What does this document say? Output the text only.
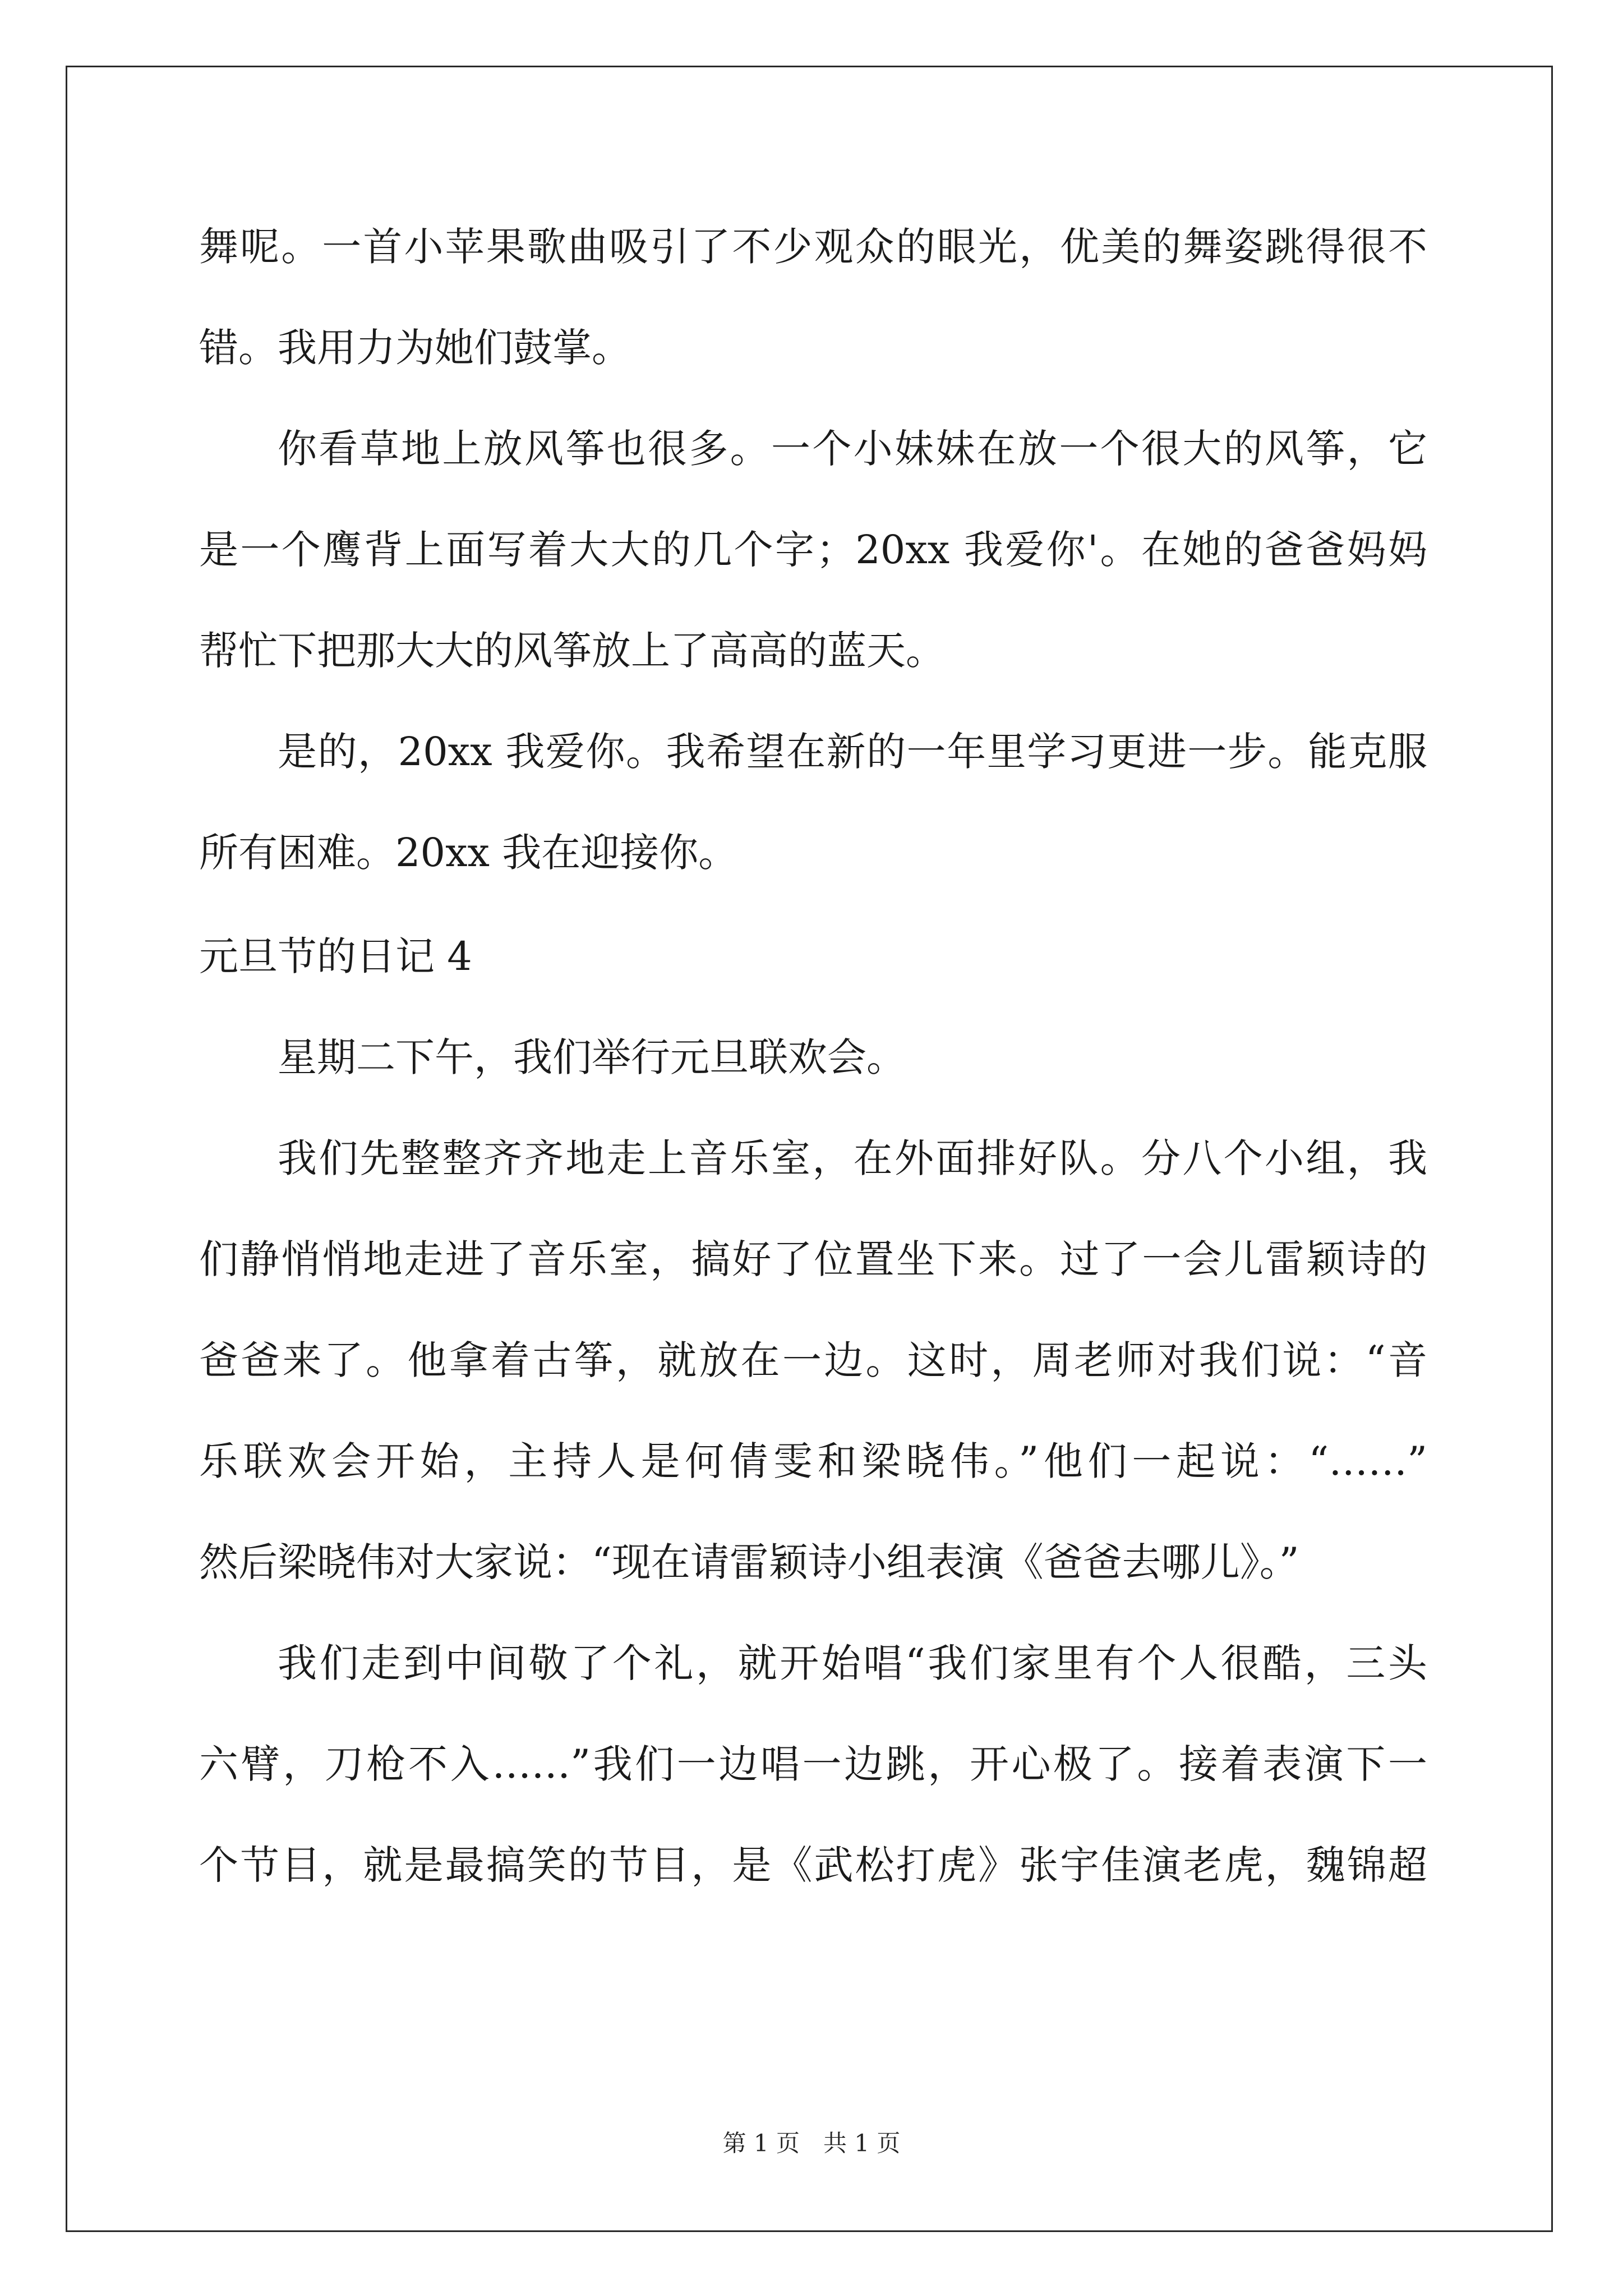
舞呢。一首小苹果歌曲吸引了不少观众的眼光，优美的舞姿跳得很不

错。我用力为她们鼓掌。

你看草地上放风筝也很多。一个小妹妹在放一个很大的风筝，它

是一个鹰背上面写着大大的几个字；20xx 我爱你'。在她的爸爸妈妈

帮忙下把那大大的风筝放上了高高的蓝天。

是的，20xx 我爱你。我希望在新的一年里学习更进一步。能克服

所有困难。20xx 我在迎接你。

元旦节的日记 4

星期二下午，我们举行元旦联欢会。

我们先整整齐齐地走上音乐室，在外面排好队。分八个小组，我

们静悄悄地走进了音乐室，搞好了位置坐下来。过了一会儿雷颖诗的

爸爸来了。他拿着古筝，就放在一边。这时，周老师对我们说：“音

乐联欢会开始，主持人是何倩雯和梁晓伟。”他们一起说：“……”

然后梁晓伟对大家说：“现在请雷颖诗小组表演《爸爸去哪儿》。”

我们走到中间敬了个礼，就开始唱“我们家里有个人很酷，三头

六臂，刀枪不入……”我们一边唱一边跳，开心极了。接着表演下一

个节目，就是最搞笑的节目，是《武松打虎》张宇佳演老虎，魏锦超

第 1 页　共 1 页
